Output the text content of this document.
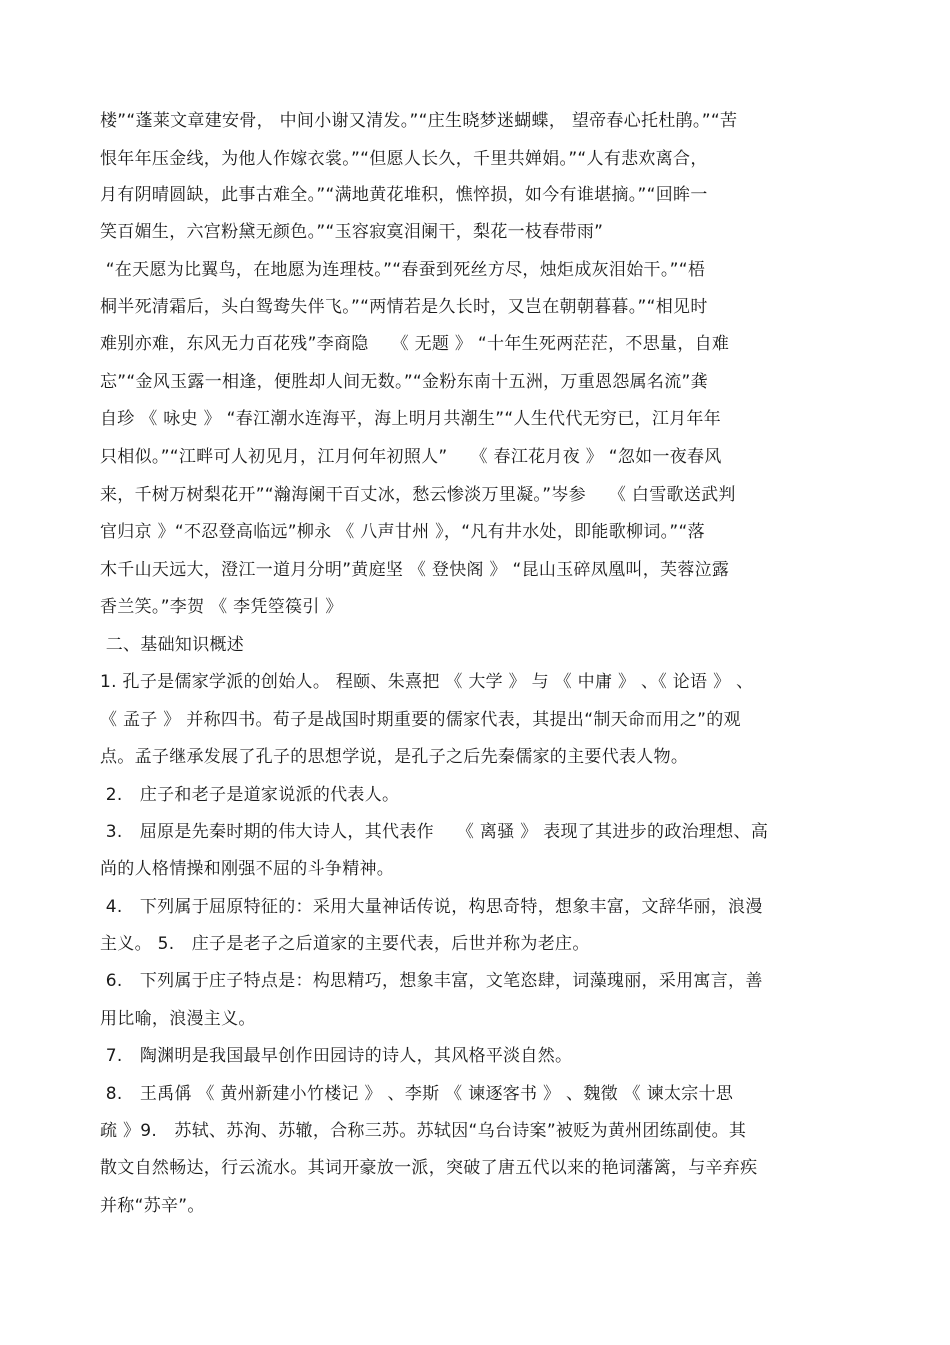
楼”“蓬莱文章建安骨， 中间小谢又清发。”“庄生晓梦迷蝴蝶， 望帝春心托杜鹃。”“苦
恨年年压金线，为他人作嫁衣裳。”“但愿人长久，千里共婵娟。”“人有悲欢离合，
月有阴晴圆缺，此事古难全。”“满地黄花堆积，憔悴损，如今有谁堪摘。”“回眸一
笑百媚生，六宫粉黛无颜色。”“玉容寂寞泪阑干，梨花一枝春带雨”
“在天愿为比翼鸟，在地愿为连理枝。”“春蚕到死丝方尽，烛炬成灰泪始干。”“梧
桐半死清霜后，头白鸳鸯失伴飞。”“两情若是久长时，又岂在朝朝暮暮。”“相见时
难别亦难，东风无力百花残”李商隐　 《 无题 》 “十年生死两茫茫，不思量，自难
忘”“金风玉露一相逢，便胜却人间无数。”“金粉东南十五洲，万重恩怨属名流”龚
自珍 《 咏史 》 “春江潮水连海平，海上明月共潮生”“人生代代无穷已，江月年年
只相似。”“江畔可人初见月，江月何年初照人”　 《 春江花月夜 》 “忽如一夜春风
来，千树万树梨花开”“瀚海阑干百丈冰，愁云惨淡万里凝。”岑参　 《 白雪歌送武判
官归京 》“不忍登高临远”柳永 《 八声甘州 》，“凡有井水处，即能歌柳词。”“落
木千山天远大，澄江一道月分明”黄庭坚 《 登快阁 》 “昆山玉碎凤凰叫，芙蓉泣露
香兰笑。”李贺 《 李凭箜篌引 》
二、基础知识概述
1. 孔子是儒家学派的创始人。 程颐、朱熹把 《 大学 》 与 《 中庸 》 、《 论语 》 、
《 孟子 》 并称四书。荀子是战国时期重要的儒家代表，其提出“制天命而用之”的观
点。孟子继承发展了孔子的思想学说，是孔子之后先秦儒家的主要代表人物。
2.　庄子和老子是道家说派的代表人。
3.　屈原是先秦时期的伟大诗人，其代表作　 《 离骚 》 表现了其进步的政治理想、高
尚的人格情操和刚强不屈的斗争精神。
4.　下列属于屈原特征的：采用大量神话传说，构思奇特，想象丰富，文辞华丽，浪漫
主义。 5.　庄子是老子之后道家的主要代表，后世并称为老庄。
6.　下列属于庄子特点是：构思精巧，想象丰富，文笔恣肆，词藻瑰丽，采用寓言，善
用比喻，浪漫主义。
7.　陶渊明是我国最早创作田园诗的诗人，其风格平淡自然。
8.　王禹偁 《 黄州新建小竹楼记 》 、李斯 《 谏逐客书 》 、魏徵 《 谏太宗十思
疏 》9.　苏轼、苏洵、苏辙，合称三苏。苏轼因“乌台诗案”被贬为黄州团练副使。其
散文自然畅达，行云流水。其词开豪放一派，突破了唐五代以来的艳词藩篱，与辛弃疾
并称“苏辛”。
